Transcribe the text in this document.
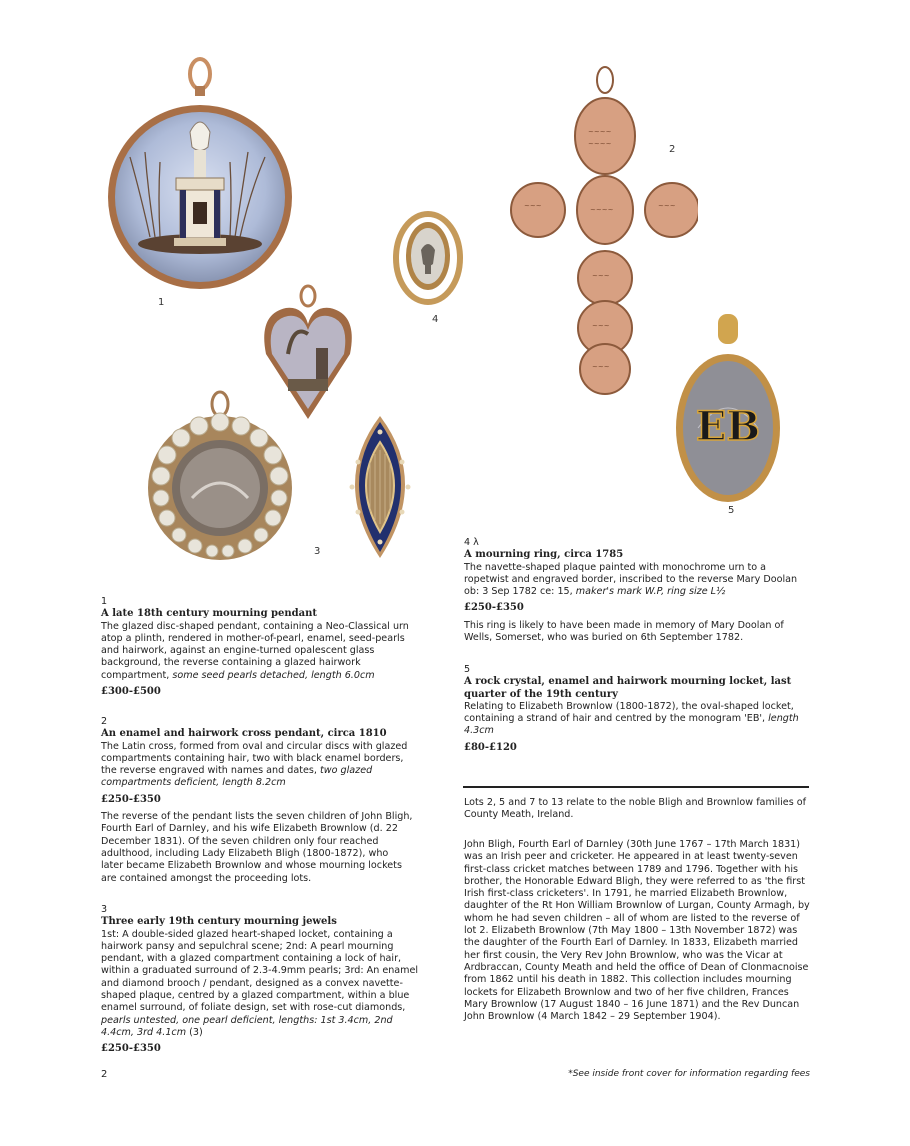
1
4
~~~~
~~~~
~~~	~~~
~~~~
~~~
~~~
~~~
2
3
EB
5
1
A late 18th century mourning pendant
The glazed disc-shaped pendant, containing a Neo-Classical urn atop a plinth, rendered in mother-of-pearl, enamel, seed-pearls and hairwork, against an engine-turned opalescent glass background, the reverse containing a glazed hairwork compartment, some seed pearls detached, length 6.0cm
£300-£500
2
An enamel and hairwork cross pendant, circa 1810
The Latin cross, formed from oval and circular discs with glazed compartments containing hair, two with black enamel borders, the reverse engraved with names and dates, two glazed compartments deficient, length 8.2cm
£250-£350
The reverse of the pendant lists the seven children of John Bligh, Fourth Earl of Darnley, and his wife Elizabeth Brownlow (d. 22 December 1831). Of the seven children only four reached adulthood, including Lady Elizabeth Bligh (1800-1872), who later became Elizabeth Brownlow and whose mourning lockets are contained amongst the proceeding lots.
3
Three early 19th century mourning jewels
1st: A double-sided glazed heart-shaped locket, containing a hairwork pansy and sepulchral scene; 2nd: A pearl mourning pendant, with a glazed compartment containing a lock of hair, within a graduated surround of 2.3-4.9mm pearls; 3rd: An enamel and diamond brooch / pendant, designed as a convex navette-shaped plaque, centred by a glazed compartment, within a blue enamel surround, of foliate design, set with rose-cut diamonds, pearls untested, one pearl deficient, lengths: 1st 3.4cm, 2nd 4.4cm, 3rd 4.1cm (3)
£250-£350
4 λ
A mourning ring, circa 1785
The navette-shaped plaque painted with monochrome urn to a ropetwist and engraved border, inscribed to the reverse Mary Doolan ob: 3 Sep 1782 ce: 15, maker's mark W.P, ring size L½
£250-£350
This ring is likely to have been made in memory of Mary Doolan of Wells, Somerset, who was buried on 6th September 1782.
5
A rock crystal, enamel and hairwork mourning locket, last quarter of the 19th century
Relating to Elizabeth Brownlow (1800-1872), the oval-shaped locket, containing a strand of hair and centred by the monogram 'EB', length 4.3cm
£80-£120
Lots 2, 5 and 7 to 13 relate to the noble Bligh and Brownlow families of County Meath, Ireland.
John Bligh, Fourth Earl of Darnley (30th June 1767 – 17th March 1831) was an Irish peer and cricketer. He appeared in at least twenty-seven first-class cricket matches between 1789 and 1796. Together with his brother, the Honorable Edward Bligh, they were referred to as 'the first Irish first-class cricketers'. In 1791, he married Elizabeth Brownlow, daughter of the Rt Hon William Brownlow of Lurgan, County Armagh, by whom he had seven children – all of whom are listed to the reverse of lot 2. Elizabeth Brownlow (7th May 1800 – 13th November 1872) was the daughter of the Fourth Earl of Darnley. In 1833, Elizabeth married her first cousin, the Very Rev John Brownlow, who was the Vicar at Ardbraccan, County Meath and held the office of Dean of Clonmacnoise from 1862 until his death in 1882. This collection includes mourning lockets for Elizabeth Brownlow and two of her five children, Frances Mary Brownlow (17 August 1840 – 16 June 1871) and the Rev Duncan John Brownlow (4 March 1842 – 29 September 1904).
2	*See inside front cover for information regarding fees
